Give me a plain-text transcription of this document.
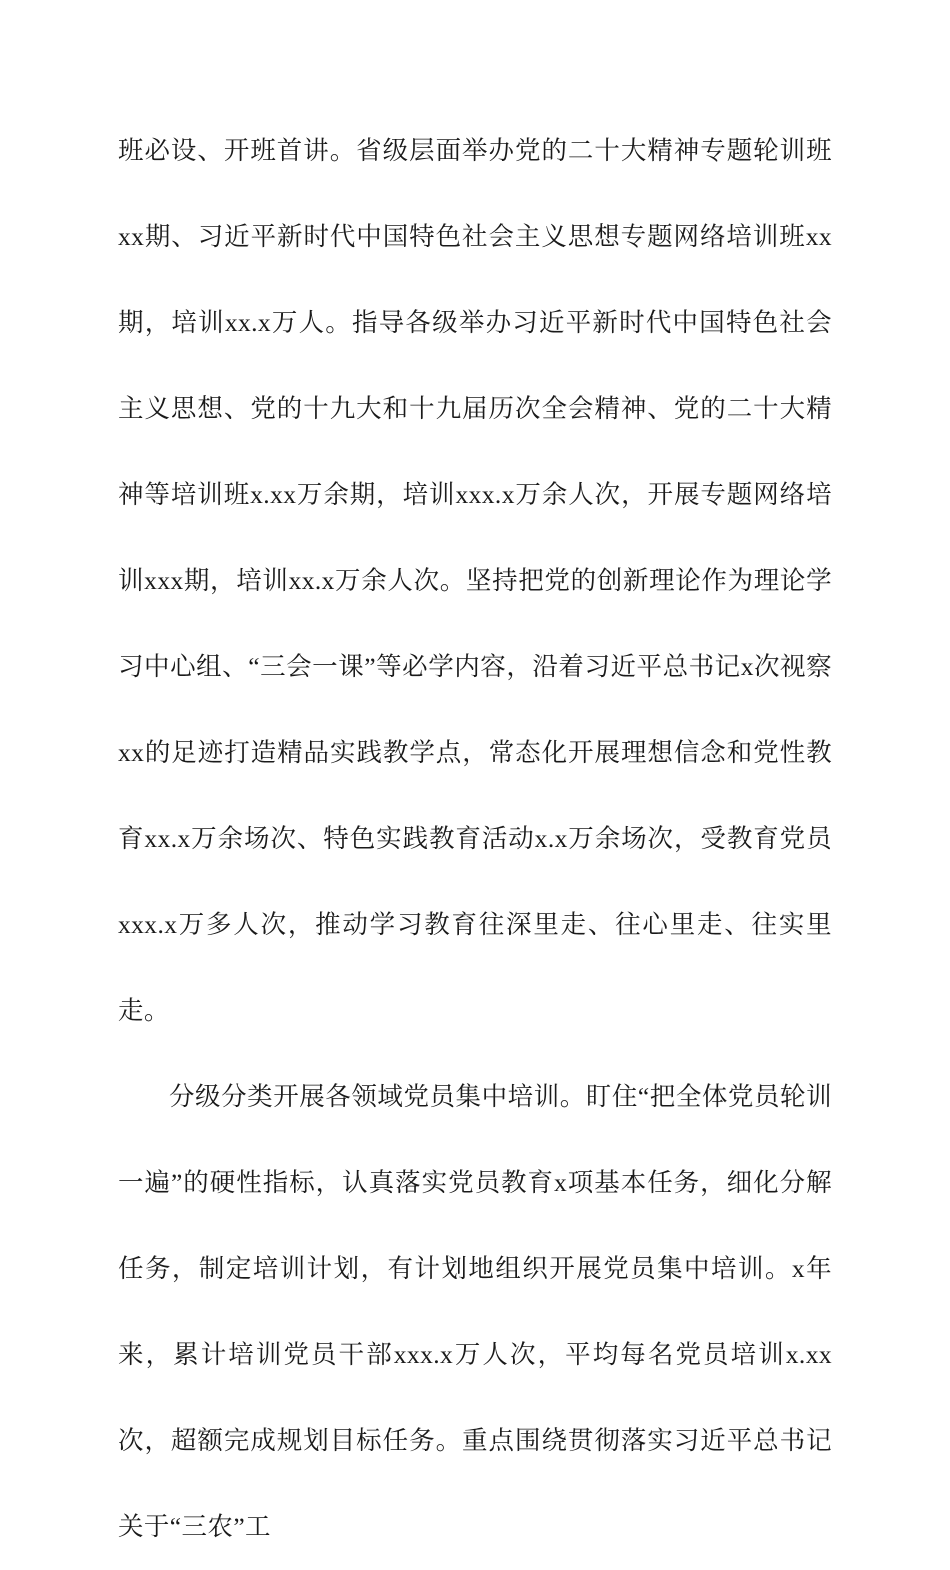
班必设、开班首讲。省级层面举办党的二十大精神专题轮训班xx期、习近平新时代中国特色社会主义思想专题网络培训班xx期，培训xx.x万人。指导各级举办习近平新时代中国特色社会主义思想、党的十九大和十九届历次全会精神、党的二十大精神等培训班x.xx万余期，培训xxx.x万余人次，开展专题网络培训xxx期，培训xx.x万余人次。坚持把党的创新理论作为理论学习中心组、“三会一课”等必学内容，沿着习近平总书记x次视察xx的足迹打造精品实践教学点，常态化开展理想信念和党性教育xx.x万余场次、特色实践教育活动x.x万余场次，受教育党员xxx.x万多人次，推动学习教育往深里走、往心里走、往实里走。

分级分类开展各领域党员集中培训。盯住“把全体党员轮训一遍”的硬性指标，认真落实党员教育x项基本任务，细化分解任务，制定培训计划，有计划地组织开展党员集中培训。x年来，累计培训党员干部xxx.x万人次，平均每名党员培训x.xx次，超额完成规划目标任务。重点围绕贯彻落实习近平总书记关于“三农”工
